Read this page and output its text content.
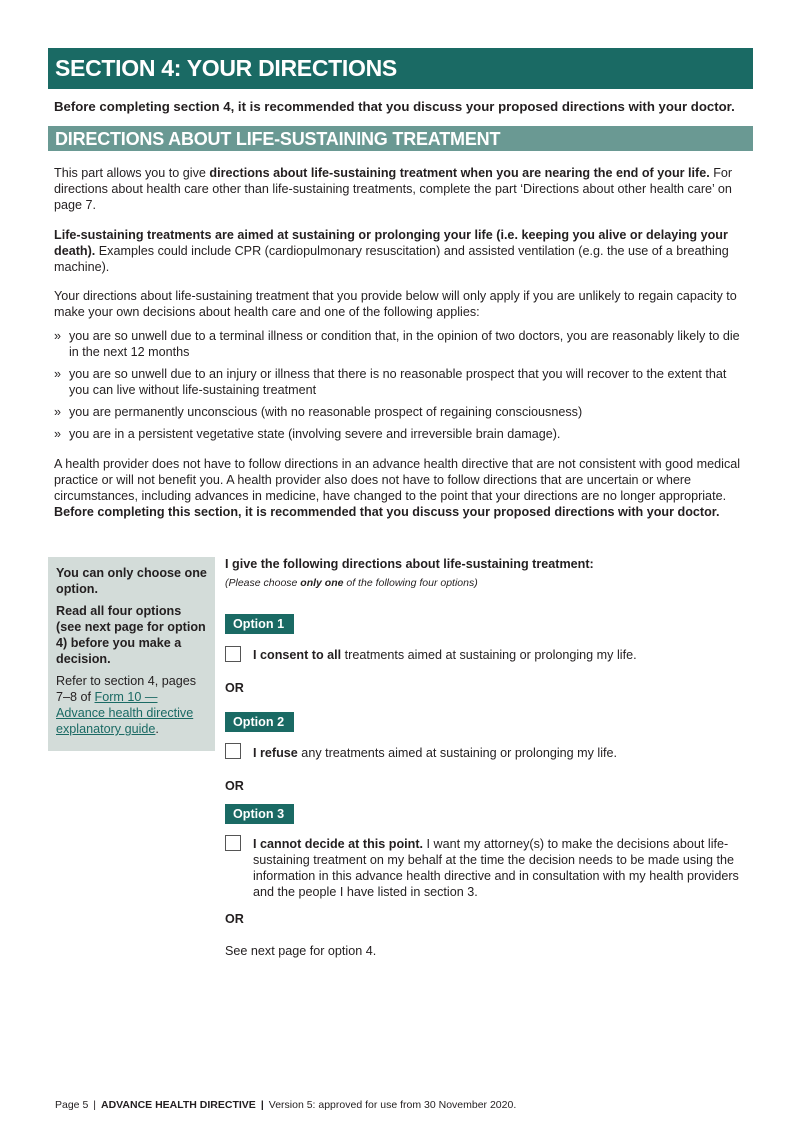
SECTION 4: YOUR DIRECTIONS
Before completing section 4, it is recommended that you discuss your proposed directions with your doctor.
DIRECTIONS ABOUT LIFE-SUSTAINING TREATMENT

This part allows you to give directions about life-sustaining treatment when you are nearing the end of your life. For directions about health care other than life-sustaining treatments, complete the part ‘Directions about other health care’ on page 7.

Life-sustaining treatments are aimed at sustaining or prolonging your life (i.e. keeping you alive or delaying your death). Examples could include CPR (cardiopulmonary resuscitation) and assisted ventilation (e.g. the use of a breathing machine).

Your directions about life-sustaining treatment that you provide below will only apply if you are unlikely to regain capacity to make your own decisions about health care and one of the following applies:

» you are so unwell due to a terminal illness or condition that, in the opinion of two doctors, you are reasonably likely to die in the next 12 months
» you are so unwell due to an injury or illness that there is no reasonable prospect that you will recover to the extent that you can live without life-sustaining treatment
» you are permanently unconscious (with no reasonable prospect of regaining consciousness)
» you are in a persistent vegetative state (involving severe and irreversible brain damage).

A health provider does not have to follow directions in an advance health directive that are not consistent with good medical practice or will not benefit you. A health provider also does not have to follow directions that are uncertain or where circumstances, including advances in medicine, have changed to the point that your directions are no longer appropriate. Before completing this section, it is recommended that you discuss your proposed directions with your doctor.

You can only choose one option.

Read all four options (see next page for option 4) before you make a decision.

Refer to section 4, pages 7–8 of Form 10 — Advance health directive explanatory guide.

I give the following directions about life-sustaining treatment:
(Please choose only one of the following four options)
Option 1
I consent to all treatments aimed at sustaining or prolonging my life.
OR
Option 2
I refuse any treatments aimed at sustaining or prolonging my life.
OR
Option 3
I cannot decide at this point. I want my attorney(s) to make the decisions about life-sustaining treatment on my behalf at the time the decision needs to be made using the information in this advance health directive and in consultation with my health providers and the people I have listed in section 3.
OR
See next page for option 4.
Page 5 | ADVANCE HEALTH DIRECTIVE | Version 5: approved for use from 30 November 2020.
